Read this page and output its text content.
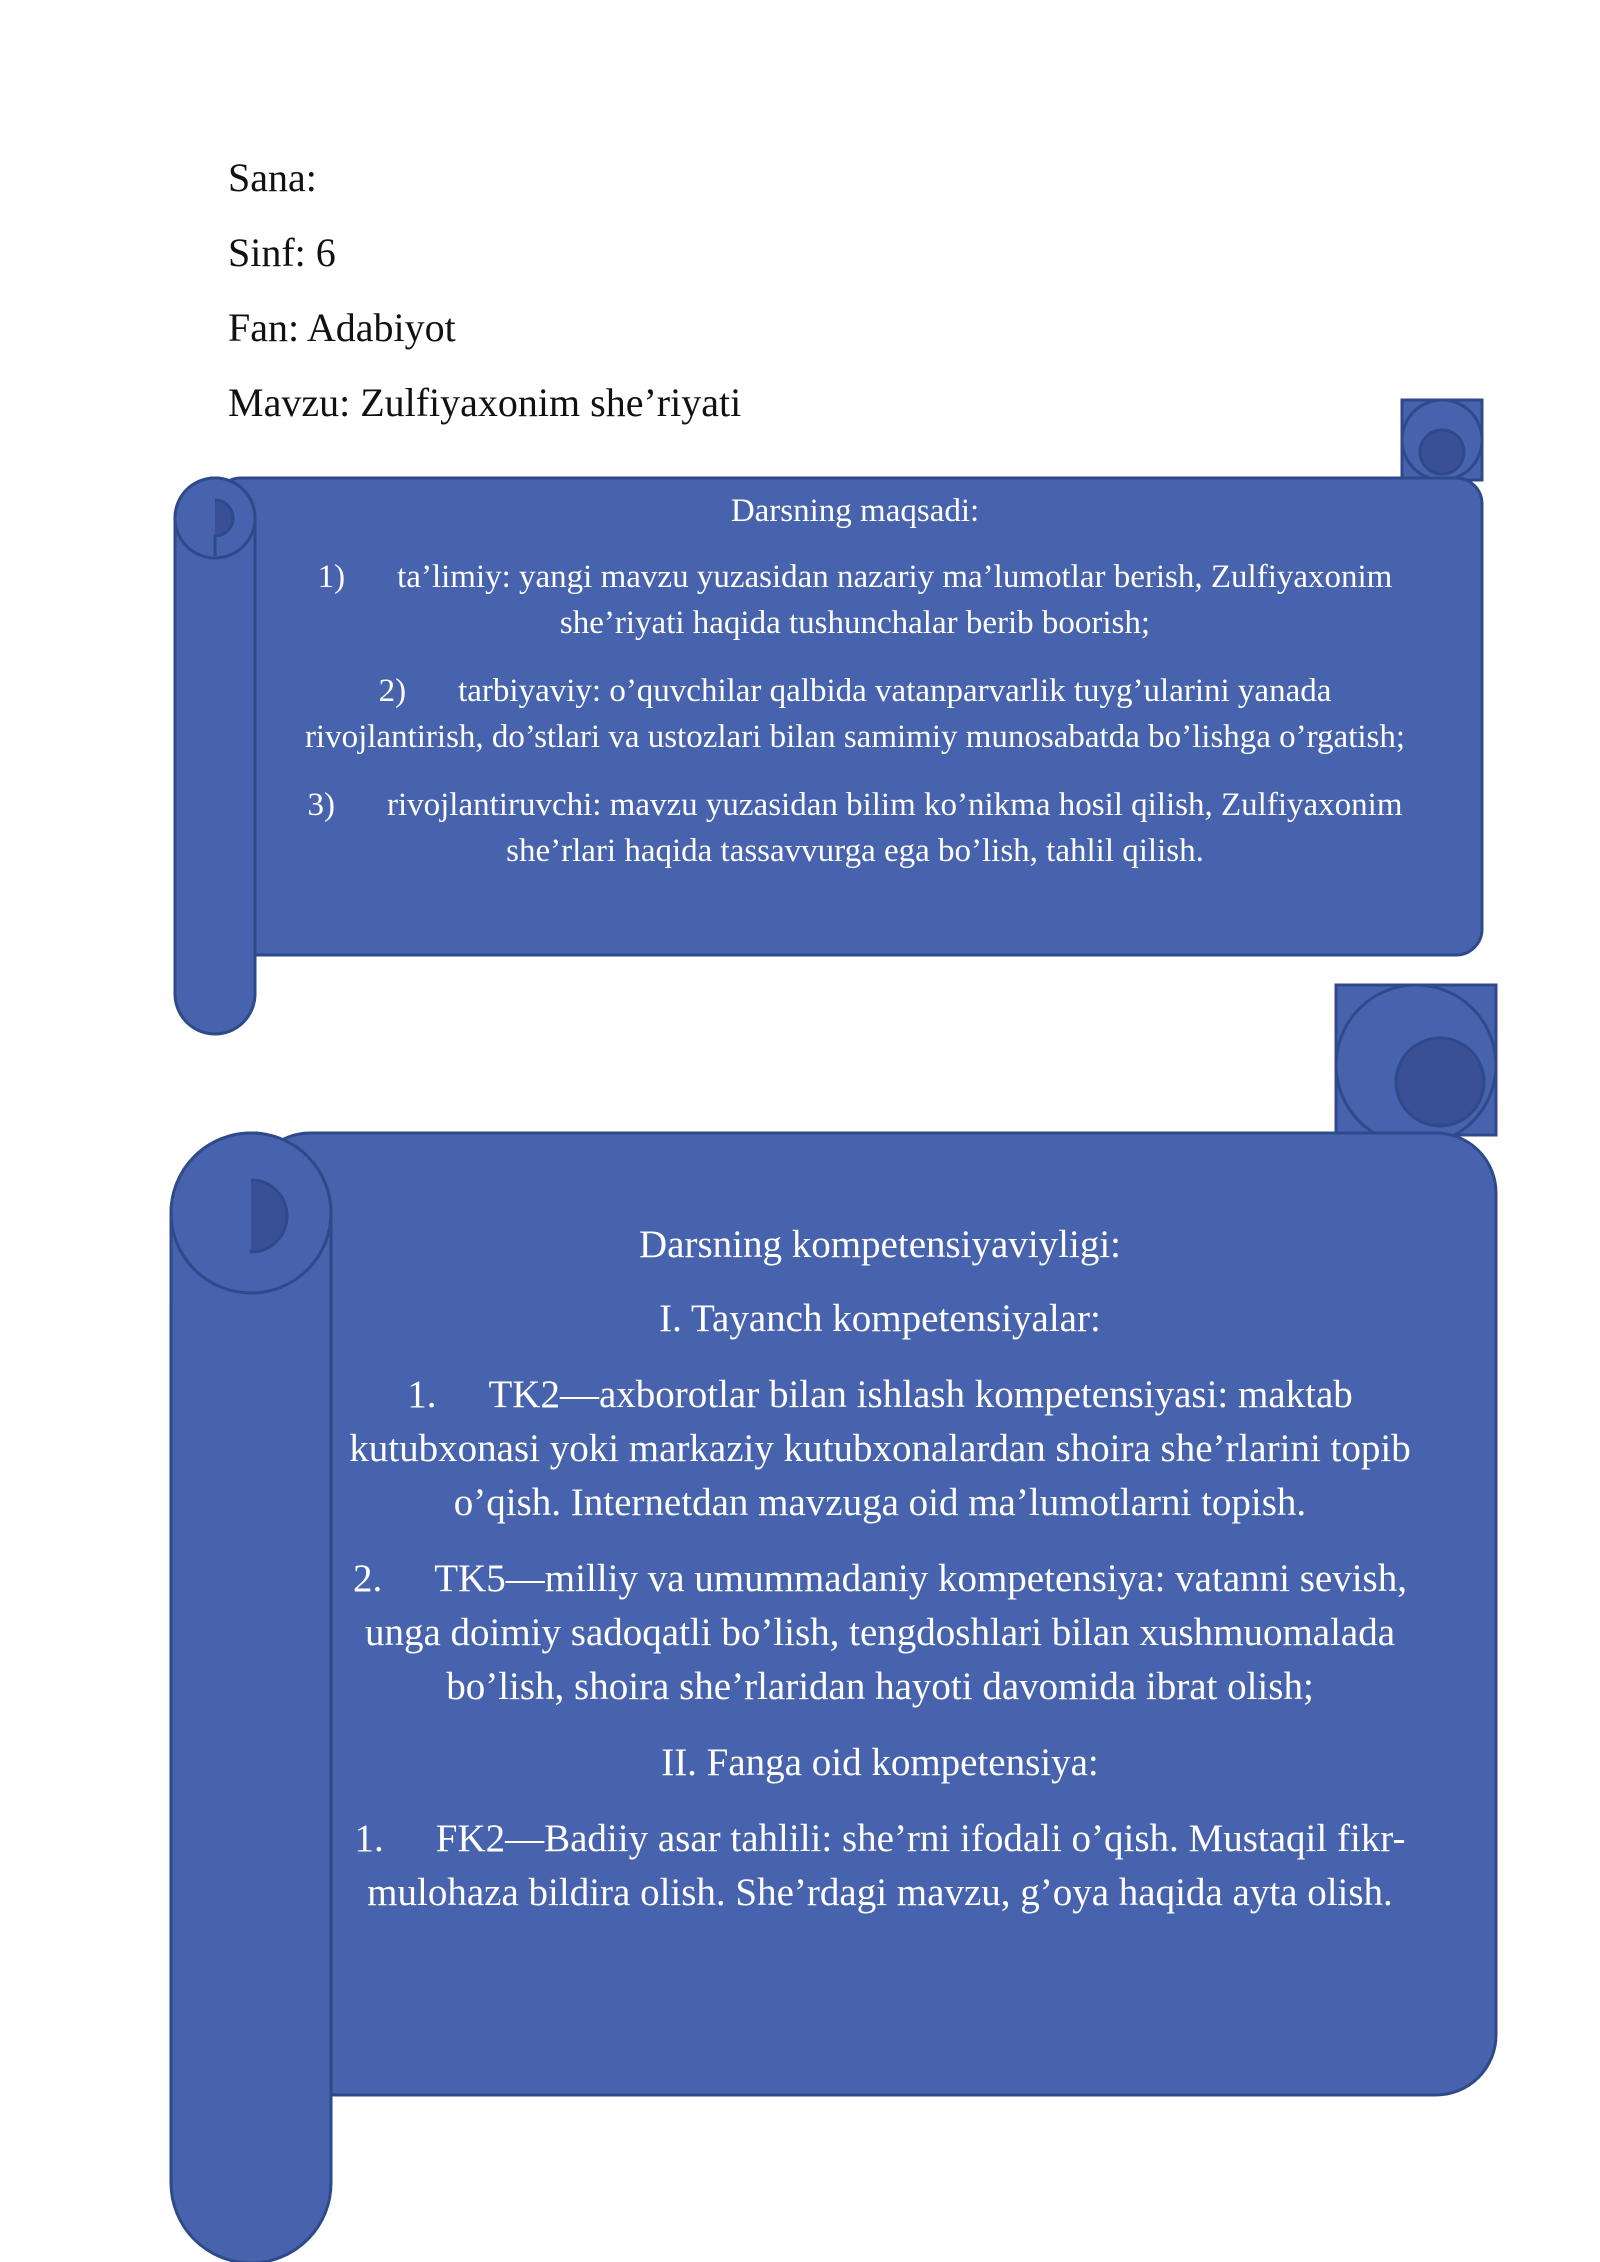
Sana:
Sinf: 6
Fan: Adabiyot
Mavzu: Zulfiyaxonim she’riyati

Darsning maqsadi:

1) ta’limiy: yangi mavzu yuzasidan nazariy ma’lumotlar berish, Zulfiyaxonim she’riyati haqida tushunchalar berib boorish;

2) tarbiyaviy: o’quvchilar qalbida vatanparvarlik tuyg’ularini yanada rivojlantirish, do’stlari va ustozlari bilan samimiy munosabatda bo’lishga o’rgatish;

3) rivojlantiruvchi: mavzu yuzasidan bilim ko’nikma hosil qilish, Zulfiyaxonim she’rlari haqida tassavvurga ega bo’lish, tahlil qilish.

Darsning kompetensiyaviyligi:

I. Tayanch kompetensiyalar:

1. TK2—axborotlar bilan ishlash kompetensiyasi: maktab kutubxonasi yoki markaziy kutubxonalardan shoira she’rlarini topib o’qish. Internetdan mavzuga oid ma’lumotlarni topish.

2. TK5—milliy va umummadaniy kompetensiya: vatanni sevish, unga doimiy sadoqatli bo’lish, tengdoshlari bilan xushmuomalada bo’lish, shoira she’rlaridan hayoti davomida ibrat olish;

II. Fanga oid kompetensiya:

1. FK2—Badiiy asar tahlili: she’rni ifodali o’qish. Mustaqil fikr-mulohaza bildira olish. She’rdagi mavzu, g’oya haqida ayta olish.
